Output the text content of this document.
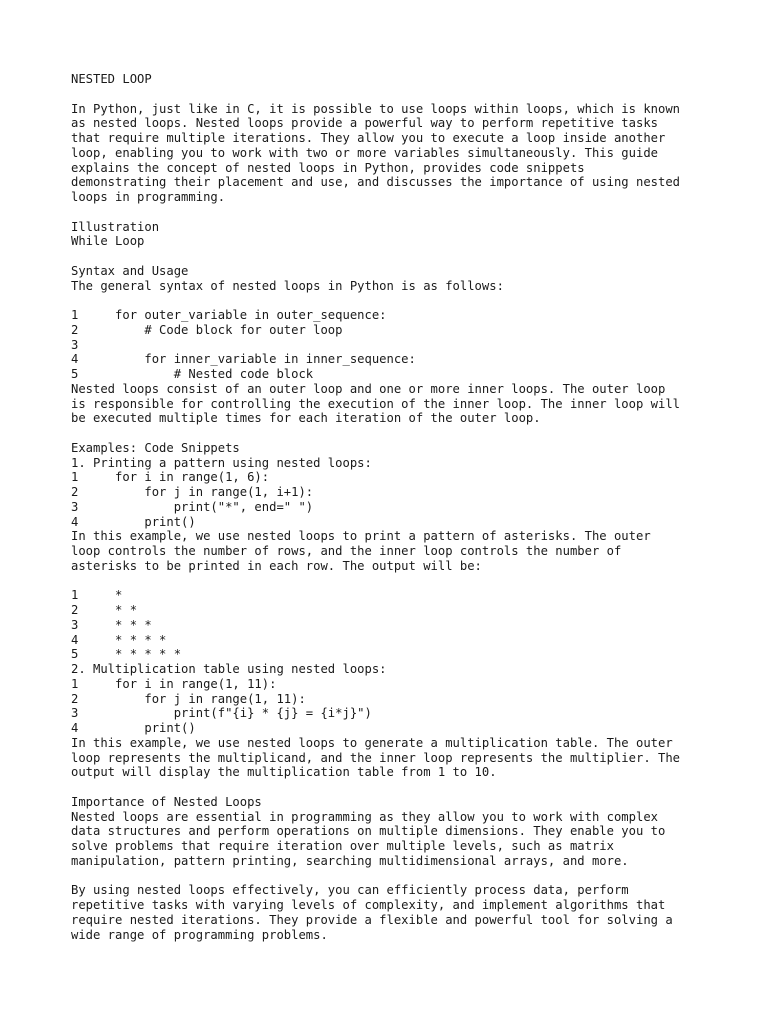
NESTED LOOP
In Python, just like in C, it is possible to use loops within loops, which is known
as nested loops. Nested loops provide a powerful way to perform repetitive tasks
that require multiple iterations. They allow you to execute a loop inside another
loop, enabling you to work with two or more variables simultaneously. This guide
explains the concept of nested loops in Python, provides code snippets
demonstrating their placement and use, and discusses the importance of using nested
loops in programming.
Illustration
While Loop
Syntax and Usage
The general syntax of nested loops in Python is as follows:
1     for outer_variable in outer_sequence:
2         # Code block for outer loop
3
4         for inner_variable in inner_sequence:
5             # Nested code block
Nested loops consist of an outer loop and one or more inner loops. The outer loop
is responsible for controlling the execution of the inner loop. The inner loop will
be executed multiple times for each iteration of the outer loop.
Examples: Code Snippets
1. Printing a pattern using nested loops:
1     for i in range(1, 6):
2         for j in range(1, i+1):
3             print("*", end=" ")
4         print()
In this example, we use nested loops to print a pattern of asterisks. The outer
loop controls the number of rows, and the inner loop controls the number of
asterisks to be printed in each row. The output will be:
1     *
2     * *
3     * * *
4     * * * *
5     * * * * *
2. Multiplication table using nested loops:
1     for i in range(1, 11):
2         for j in range(1, 11):
3             print(f"{i} * {j} = {i*j}")
4         print()
In this example, we use nested loops to generate a multiplication table. The outer
loop represents the multiplicand, and the inner loop represents the multiplier. The
output will display the multiplication table from 1 to 10.
Importance of Nested Loops
Nested loops are essential in programming as they allow you to work with complex
data structures and perform operations on multiple dimensions. They enable you to
solve problems that require iteration over multiple levels, such as matrix
manipulation, pattern printing, searching multidimensional arrays, and more.
By using nested loops effectively, you can efficiently process data, perform
repetitive tasks with varying levels of complexity, and implement algorithms that
require nested iterations. They provide a flexible and powerful tool for solving a
wide range of programming problems.
